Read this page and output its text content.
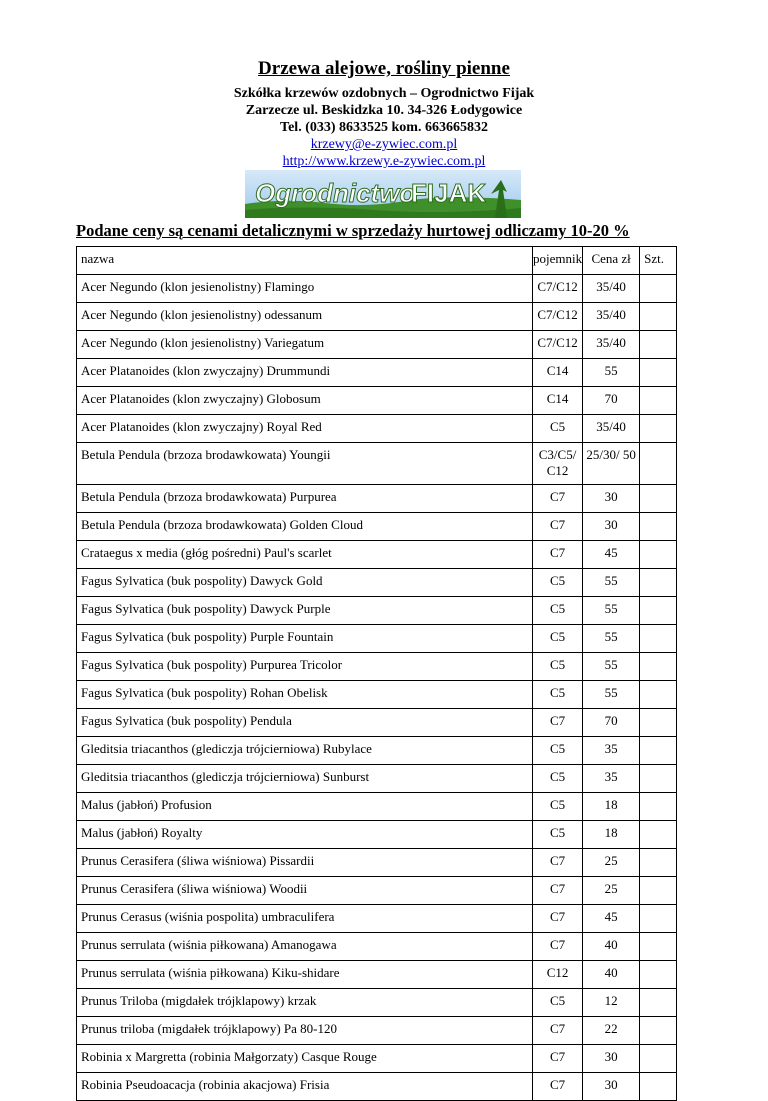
Drzewa alejowe, rośliny pienne
Szkółka krzewów ozdobnych – Ogrodnictwo Fijak
Zarzecze ul. Beskidzka 10. 34-326 Łodygowice
Tel. (033) 8633525 kom. 663665832
krzewy@e-zywiec.com.pl
http://www.krzewy.e-zywiec.com.pl
Ogrodnictwo
FIJAK
Podane ceny są cenami detalicznymi w sprzedaży hurtowej odliczamy 10-20 %
nazwa	pojemnik	Cena zł	Szt.
Acer Negundo (klon jesienolistny) Flamingo	C7/C12	35/40	
Acer Negundo (klon jesienolistny) odessanum	C7/C12	35/40	
Acer Negundo (klon jesienolistny) Variegatum	C7/C12	35/40	
Acer Platanoides (klon zwyczajny) Drummundi	C14	55	
Acer Platanoides (klon zwyczajny) Globosum	C14	70	
Acer Platanoides (klon zwyczajny) Royal Red	C5	35/40	
Betula Pendula (brzoza brodawkowata) Youngii	C3/C5/ C12	25/30/ 50	
Betula Pendula (brzoza brodawkowata) Purpurea	C7	30	
Betula Pendula (brzoza brodawkowata) Golden Cloud	C7	30	
Crataegus x media (głóg pośredni) Paul's scarlet	C7	45	
Fagus Sylvatica (buk pospolity) Dawyck Gold	C5	55	
Fagus Sylvatica (buk pospolity) Dawyck Purple	C5	55	
Fagus Sylvatica (buk pospolity) Purple Fountain	C5	55	
Fagus Sylvatica (buk pospolity) Purpurea Tricolor	C5	55	
Fagus Sylvatica (buk pospolity) Rohan Obelisk	C5	55	
Fagus Sylvatica (buk pospolity) Pendula	C7	70	
Gleditsia triacanthos (glediczja trójcierniowa) Rubylace	C5	35	
Gleditsia triacanthos (glediczja trójcierniowa) Sunburst	C5	35	
Malus (jabłoń) Profusion	C5	18	
Malus (jabłoń) Royalty	C5	18	
Prunus Cerasifera (śliwa wiśniowa) Pissardii	C7	25	
Prunus Cerasifera (śliwa wiśniowa) Woodii	C7	25	
Prunus Cerasus (wiśnia pospolita) umbraculifera	C7	45	
Prunus serrulata (wiśnia piłkowana) Amanogawa	C7	40	
Prunus serrulata (wiśnia piłkowana) Kiku-shidare	C12	40	
Prunus Triloba (migdałek trójklapowy) krzak	C5	12	
Prunus triloba (migdałek trójklapowy) Pa 80-120	C7	22	
Robinia x Margretta (robinia Małgorzaty) Casque Rouge	C7	30	
Robinia Pseudoacacja (robinia akacjowa) Frisia	C7	30	
